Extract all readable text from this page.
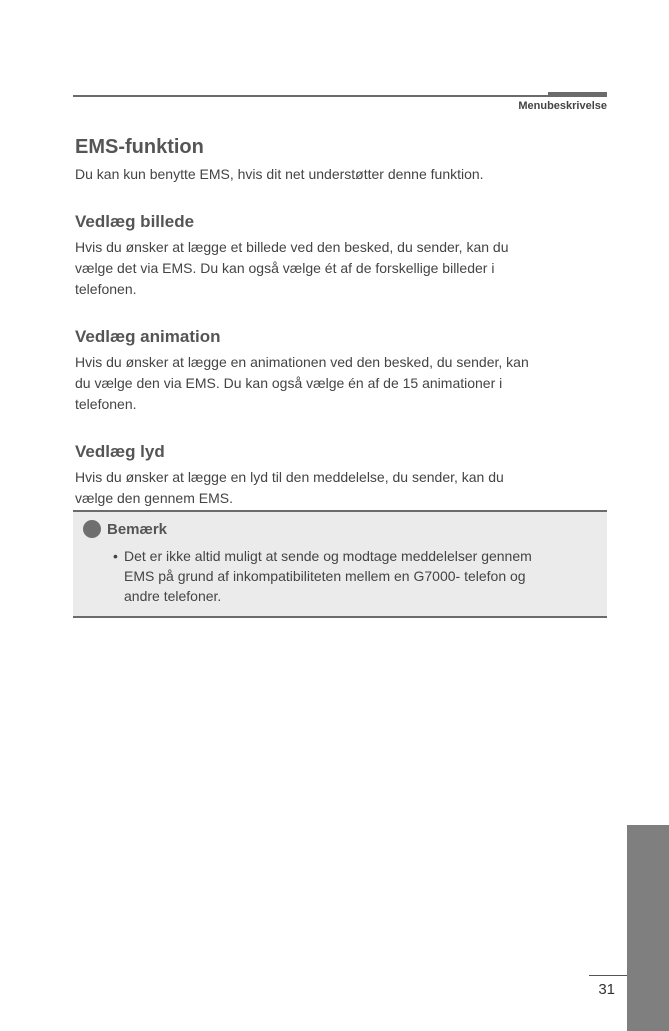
Menubeskrivelse
EMS-funktion

Du kan kun benytte EMS, hvis dit net understøtter denne funktion.

Vedlæg billede

Hvis du ønsker at lægge et billede ved den besked, du sender, kan du
vælge det via EMS. Du kan også vælge ét af de forskellige billeder i
telefonen.

Vedlæg animation

Hvis du ønsker at lægge en animationen ved den besked, du sender, kan
du vælge den via EMS. Du kan også vælge én af de 15 animationer i
telefonen.

Vedlæg lyd

Hvis du ønsker at lægge en lyd til den meddelelse, du sender, kan du
vælge den gennem EMS.

Bemærk
• Det er ikke altid muligt at sende og modtage meddelelser gennem
EMS på grund af inkompatibiliteten mellem en G7000- telefon og
andre telefoner.
31
